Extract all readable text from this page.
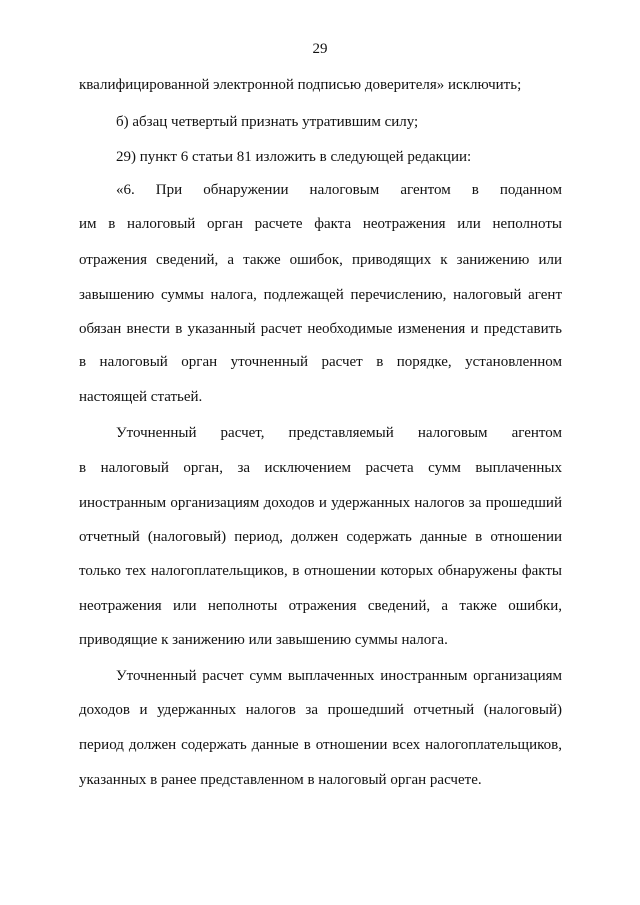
29
квалифицированной электронной подписью доверителя» исключить;
б) абзац четвертый признать утратившим силу;
29) пункт 6 статьи 81 изложить в следующей редакции:
«6. При обнаружении налоговым агентом в поданном
им в налоговый орган расчете факта неотражения или неполноты
отражения сведений, а также ошибок, приводящих к занижению или
завышению суммы налога, подлежащей перечислению, налоговый агент
обязан внести в указанный расчет необходимые изменения и представить
в налоговый орган уточненный расчет в порядке, установленном
настоящей статьей.
Уточненный расчет, представляемый налоговым агентом
в налоговый орган, за исключением расчета сумм выплаченных
иностранным организациям доходов и удержанных налогов за прошедший
отчетный (налоговый) период, должен содержать данные в отношении
только тех налогоплательщиков, в отношении которых обнаружены факты
неотражения или неполноты отражения сведений, а также ошибки,
приводящие к занижению или завышению суммы налога.
Уточненный расчет сумм выплаченных иностранным организациям
доходов и удержанных налогов за прошедший отчетный (налоговый)
период должен содержать данные в отношении всех налогоплательщиков,
указанных в ранее представленном в налоговый орган расчете.
